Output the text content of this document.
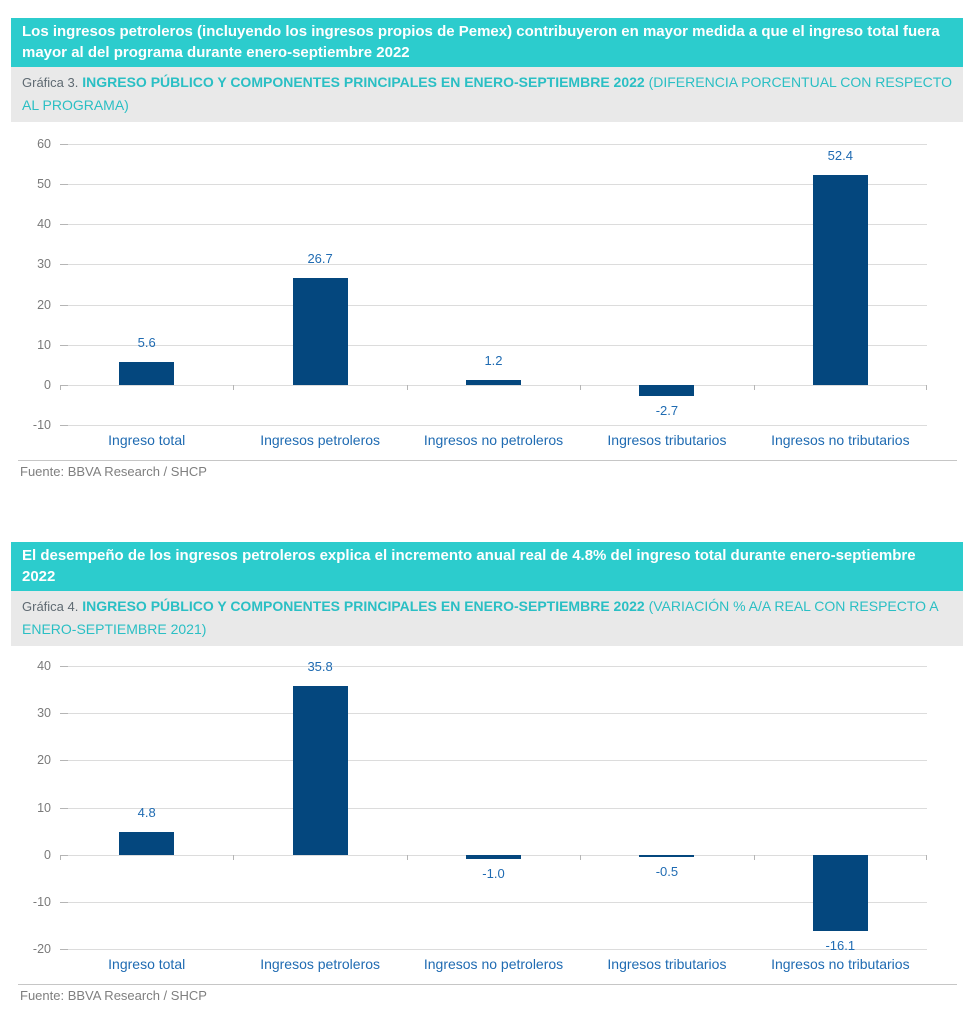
Los ingresos petroleros (incluyendo los ingresos propios de Pemex) contribuyeron en mayor medida a que el ingreso total fuera mayor al del programa durante enero-septiembre 2022
Gráfica 3. INGRESO PÚBLICO Y COMPONENTES PRINCIPALES EN ENERO-SEPTIEMBRE 2022 (DIFERENCIA PORCENTUAL CON RESPECTO AL PROGRAMA)
60
50
40
30
20
10
0
-10
5.6
26.7
1.2
-2.7
52.4
Ingreso total	Ingresos petroleros	Ingresos no petroleros	Ingresos tributarios	Ingresos no tributarios
Fuente: BBVA Research / SHCP
El desempeño de los ingresos petroleros explica el incremento anual real de 4.8% del ingreso total durante enero-septiembre 2022
Gráfica 4. INGRESO PÚBLICO Y COMPONENTES PRINCIPALES EN ENERO-SEPTIEMBRE 2022 (VARIACIÓN % A/A REAL CON RESPECTO A ENERO-SEPTIEMBRE 2021)
40
30
20
10
0
-10
-20
4.8
35.8
-1.0	-0.5
-16.1
Ingreso total	Ingresos petroleros	Ingresos no petroleros	Ingresos tributarios	Ingresos no tributarios
Fuente: BBVA Research / SHCP
